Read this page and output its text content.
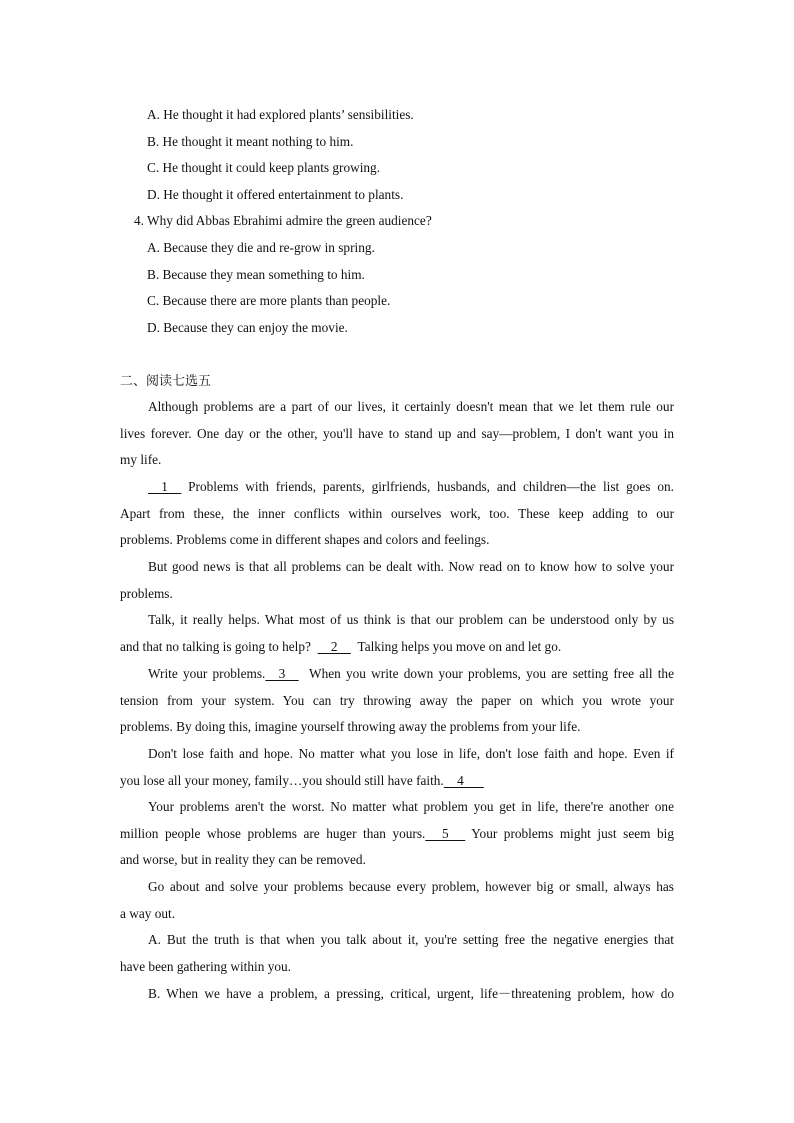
A. He thought it had explored plants’ sensibilities.
B. He thought it meant nothing to him.
C. He thought it could keep plants growing.
D. He thought it offered entertainment to plants.
4. Why did Abbas Ebrahimi admire the green audience?
A. Because they die and re-grow in spring.
B. Because they mean something to him.
C. Because there are more plants than people.
D. Because they can enjoy the movie.
二、阅读七选五
Although problems are a part of our lives, it certainly doesn't mean that we let them rule our
lives forever. One day or the other, you'll have to stand up and say—problem, I don't want you in
my life.
1     Problems with friends, parents, girlfriends, husbands, and children—the list goes on.
Apart from these, the inner conflicts within ourselves work, too. These keep adding to our
problems. Problems come in different shapes and colors and feelings.
But good news is that all problems can be dealt with. Now read on to know how to solve your
problems.
Talk, it really helps. What most of us think is that our problem can be understood only by us
and that no talking is going to help?      2      Talking helps you move on and let go.
Write your problems.    3      When you write down your problems, you are setting free all the
tension from your system. You can try throwing away the paper on which you wrote your
problems. By doing this, imagine yourself throwing away the problems from your life.
Don't lose faith and hope. No matter what you lose in life, don't lose faith and hope. Even if
you lose all your money, family…you should still have faith.    4
Your problems aren't the worst. No matter what problem you get in life, there're another one
million people whose problems are huger than yours.     5      Your problems might just seem big
and worse, but in reality they can be removed.
Go about and solve your problems because every problem, however big or small, always has
a way out.
A. But the truth is that when you talk about it, you're setting free the negative energies that
have been gathering within you.
B. When we have a problem, a pressing, critical, urgent, life－threatening problem, how do
